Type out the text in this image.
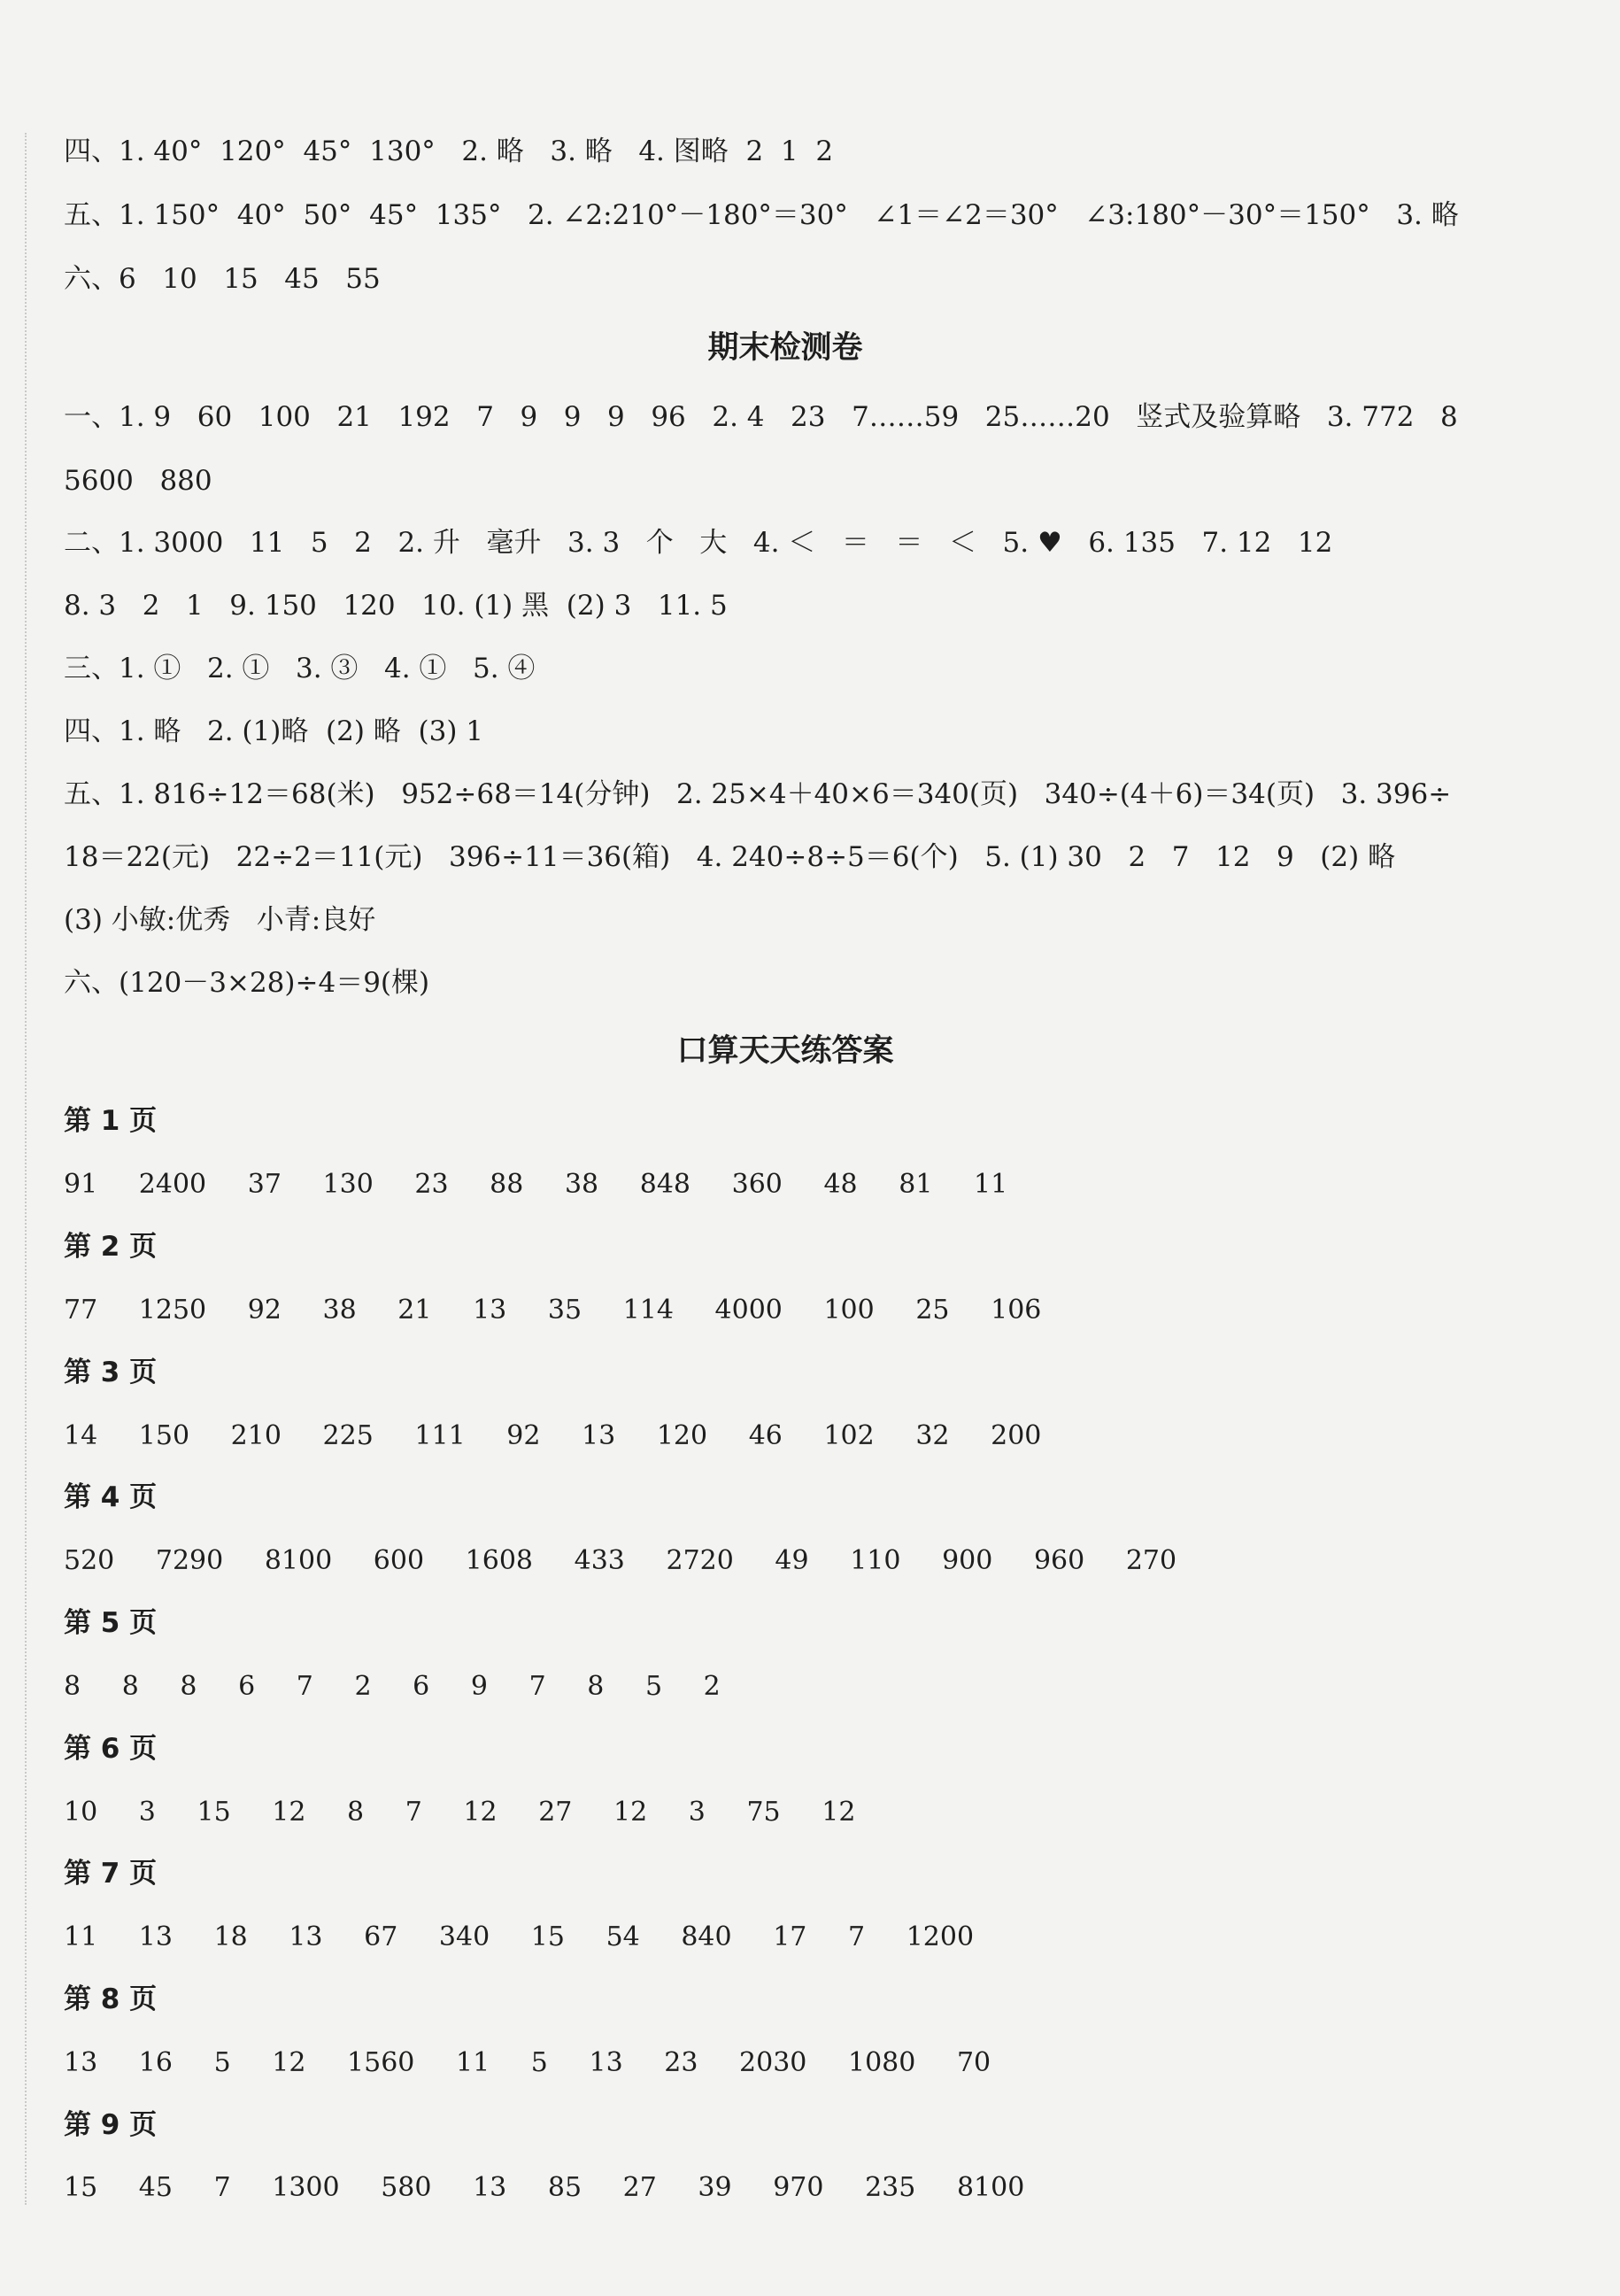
四、1. 40°  120°  45°  130°   2. 略   3. 略   4. 图略  2  1  2
五、1. 150°  40°  50°  45°  135°   2. ∠2:210°－180°＝30°   ∠1＝∠2＝30°   ∠3:180°－30°＝150°   3. 略
六、6   10   15   45   55
期末检测卷
一、1. 9   60   100   21   192   7   9   9   9   96   2. 4   23   7……59   25……20   竖式及验算略   3. 772   8
5600   880
二、1. 3000   11   5   2   2. 升   毫升   3. 3   个   大   4. ＜   ＝   ＝   ＜   5. ♥   6. 135   7. 12   12
8. 3   2   1   9. 150   120   10. (1) 黑  (2) 3   11. 5
三、1. ①   2. ①   3. ③   4. ①   5. ④
四、1. 略   2. (1)略  (2) 略  (3) 1
五、1. 816÷12＝68(米)   952÷68＝14(分钟)   2. 25×4＋40×6＝340(页)   340÷(4＋6)＝34(页)   3. 396÷
18＝22(元)   22÷2＝11(元)   396÷11＝36(箱)   4. 240÷8÷5＝6(个)   5. (1) 30   2   7   12   9   (2) 略
(3) 小敏:优秀   小青:良好
六、(120－3×28)÷4＝9(棵)
口算天天练答案
第 1 页
91   2400   37   130   23   88   38   848   360   48   81   11
第 2 页
77   1250   92   38   21   13   35   114   4000   100   25   106
第 3 页
14   150   210   225   111   92   13   120   46   102   32   200
第 4 页
520   7290   8100   600   1608   433   2720   49   110   900   960   270
第 5 页
8   8   8   6   7   2   6   9   7   8   5   2
第 6 页
10   3   15   12   8   7   12   27   12   3   75   12
第 7 页
11   13   18   13   67   340   15   54   840   17   7   1200
第 8 页
13   16   5   12   1560   11   5   13   23   2030   1080   70
第 9 页
15   45   7   1300   580   13   85   27   39   970   235   8100
